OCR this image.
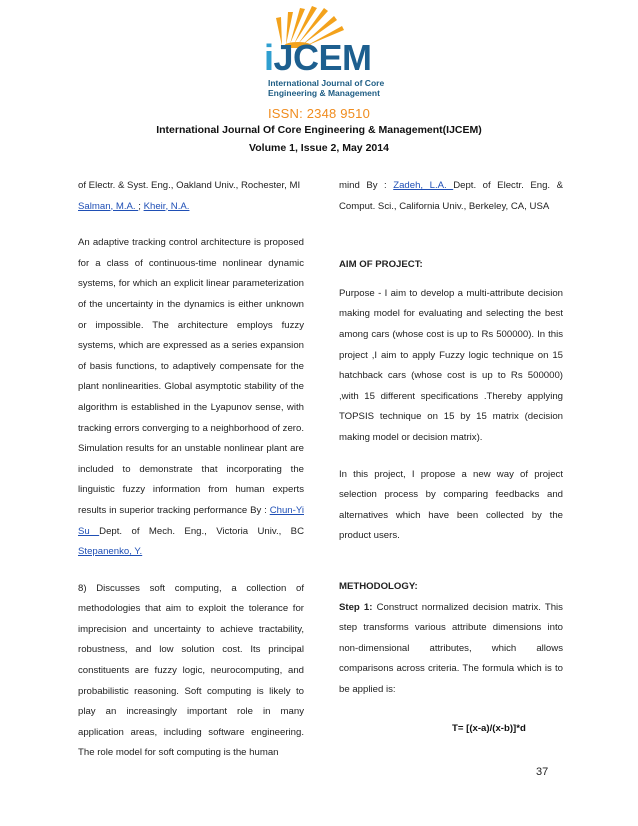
iJCEM
International Journal of Core
Engineering & Management
ISSN: 2348 9510
International Journal Of Core Engineering & Management(IJCEM)
Volume 1, Issue 2, May 2014

of Electr. & Syst. Eng., Oakland Univ., Rochester, MI
Salman, M.A. ; Kheir, N.A.

An adaptive tracking control architecture is proposed for a class of continuous-time nonlinear dynamic systems, for which an explicit linear parameterization of the uncertainty in the dynamics is either unknown or impossible. The architecture employs fuzzy systems, which are expressed as a series expansion of basis functions, to adaptively compensate for the plant nonlinearities. Global asymptotic stability of the algorithm is established in the Lyapunov sense, with tracking errors converging to a neighborhood of zero. Simulation results for an unstable nonlinear plant are included to demonstrate that incorporating the linguistic fuzzy information from human experts results in superior tracking performance By : Chun-Yi Su Dept. of Mech. Eng., Victoria Univ., BC Stepanenko, Y.

8) Discusses soft computing, a collection of methodologies that aim to exploit the tolerance for imprecision and uncertainty to achieve tractability, robustness, and low solution cost. Its principal constituents are fuzzy logic, neurocomputing, and probabilistic reasoning. Soft computing is likely to play an increasingly important role in many application areas, including software engineering. The role model for soft computing is the human

mind By : Zadeh, L.A. Dept. of Electr. Eng. & Comput. Sci., California Univ., Berkeley, CA, USA

AIM OF PROJECT:

Purpose - I aim to develop a multi-attribute decision making model for evaluating and selecting the best among cars (whose cost is up to Rs 500000). In this project ,I aim to apply Fuzzy logic technique on 15 hatchback cars (whose cost is up to Rs 500000) ,with 15 different specifications .Thereby applying TOPSIS technique on 15 by 15 matrix (decision making model or decision matrix).

In this project, I propose a new way of project selection process by comparing feedbacks and alternatives which have been collected by the product users.

METHODOLOGY:

Step 1: Construct normalized decision matrix. This step transforms various attribute dimensions into non-dimensional attributes, which allows comparisons across criteria. The formula which is to be applied is:

T= [(x-a)/(x-b)]*d
37
